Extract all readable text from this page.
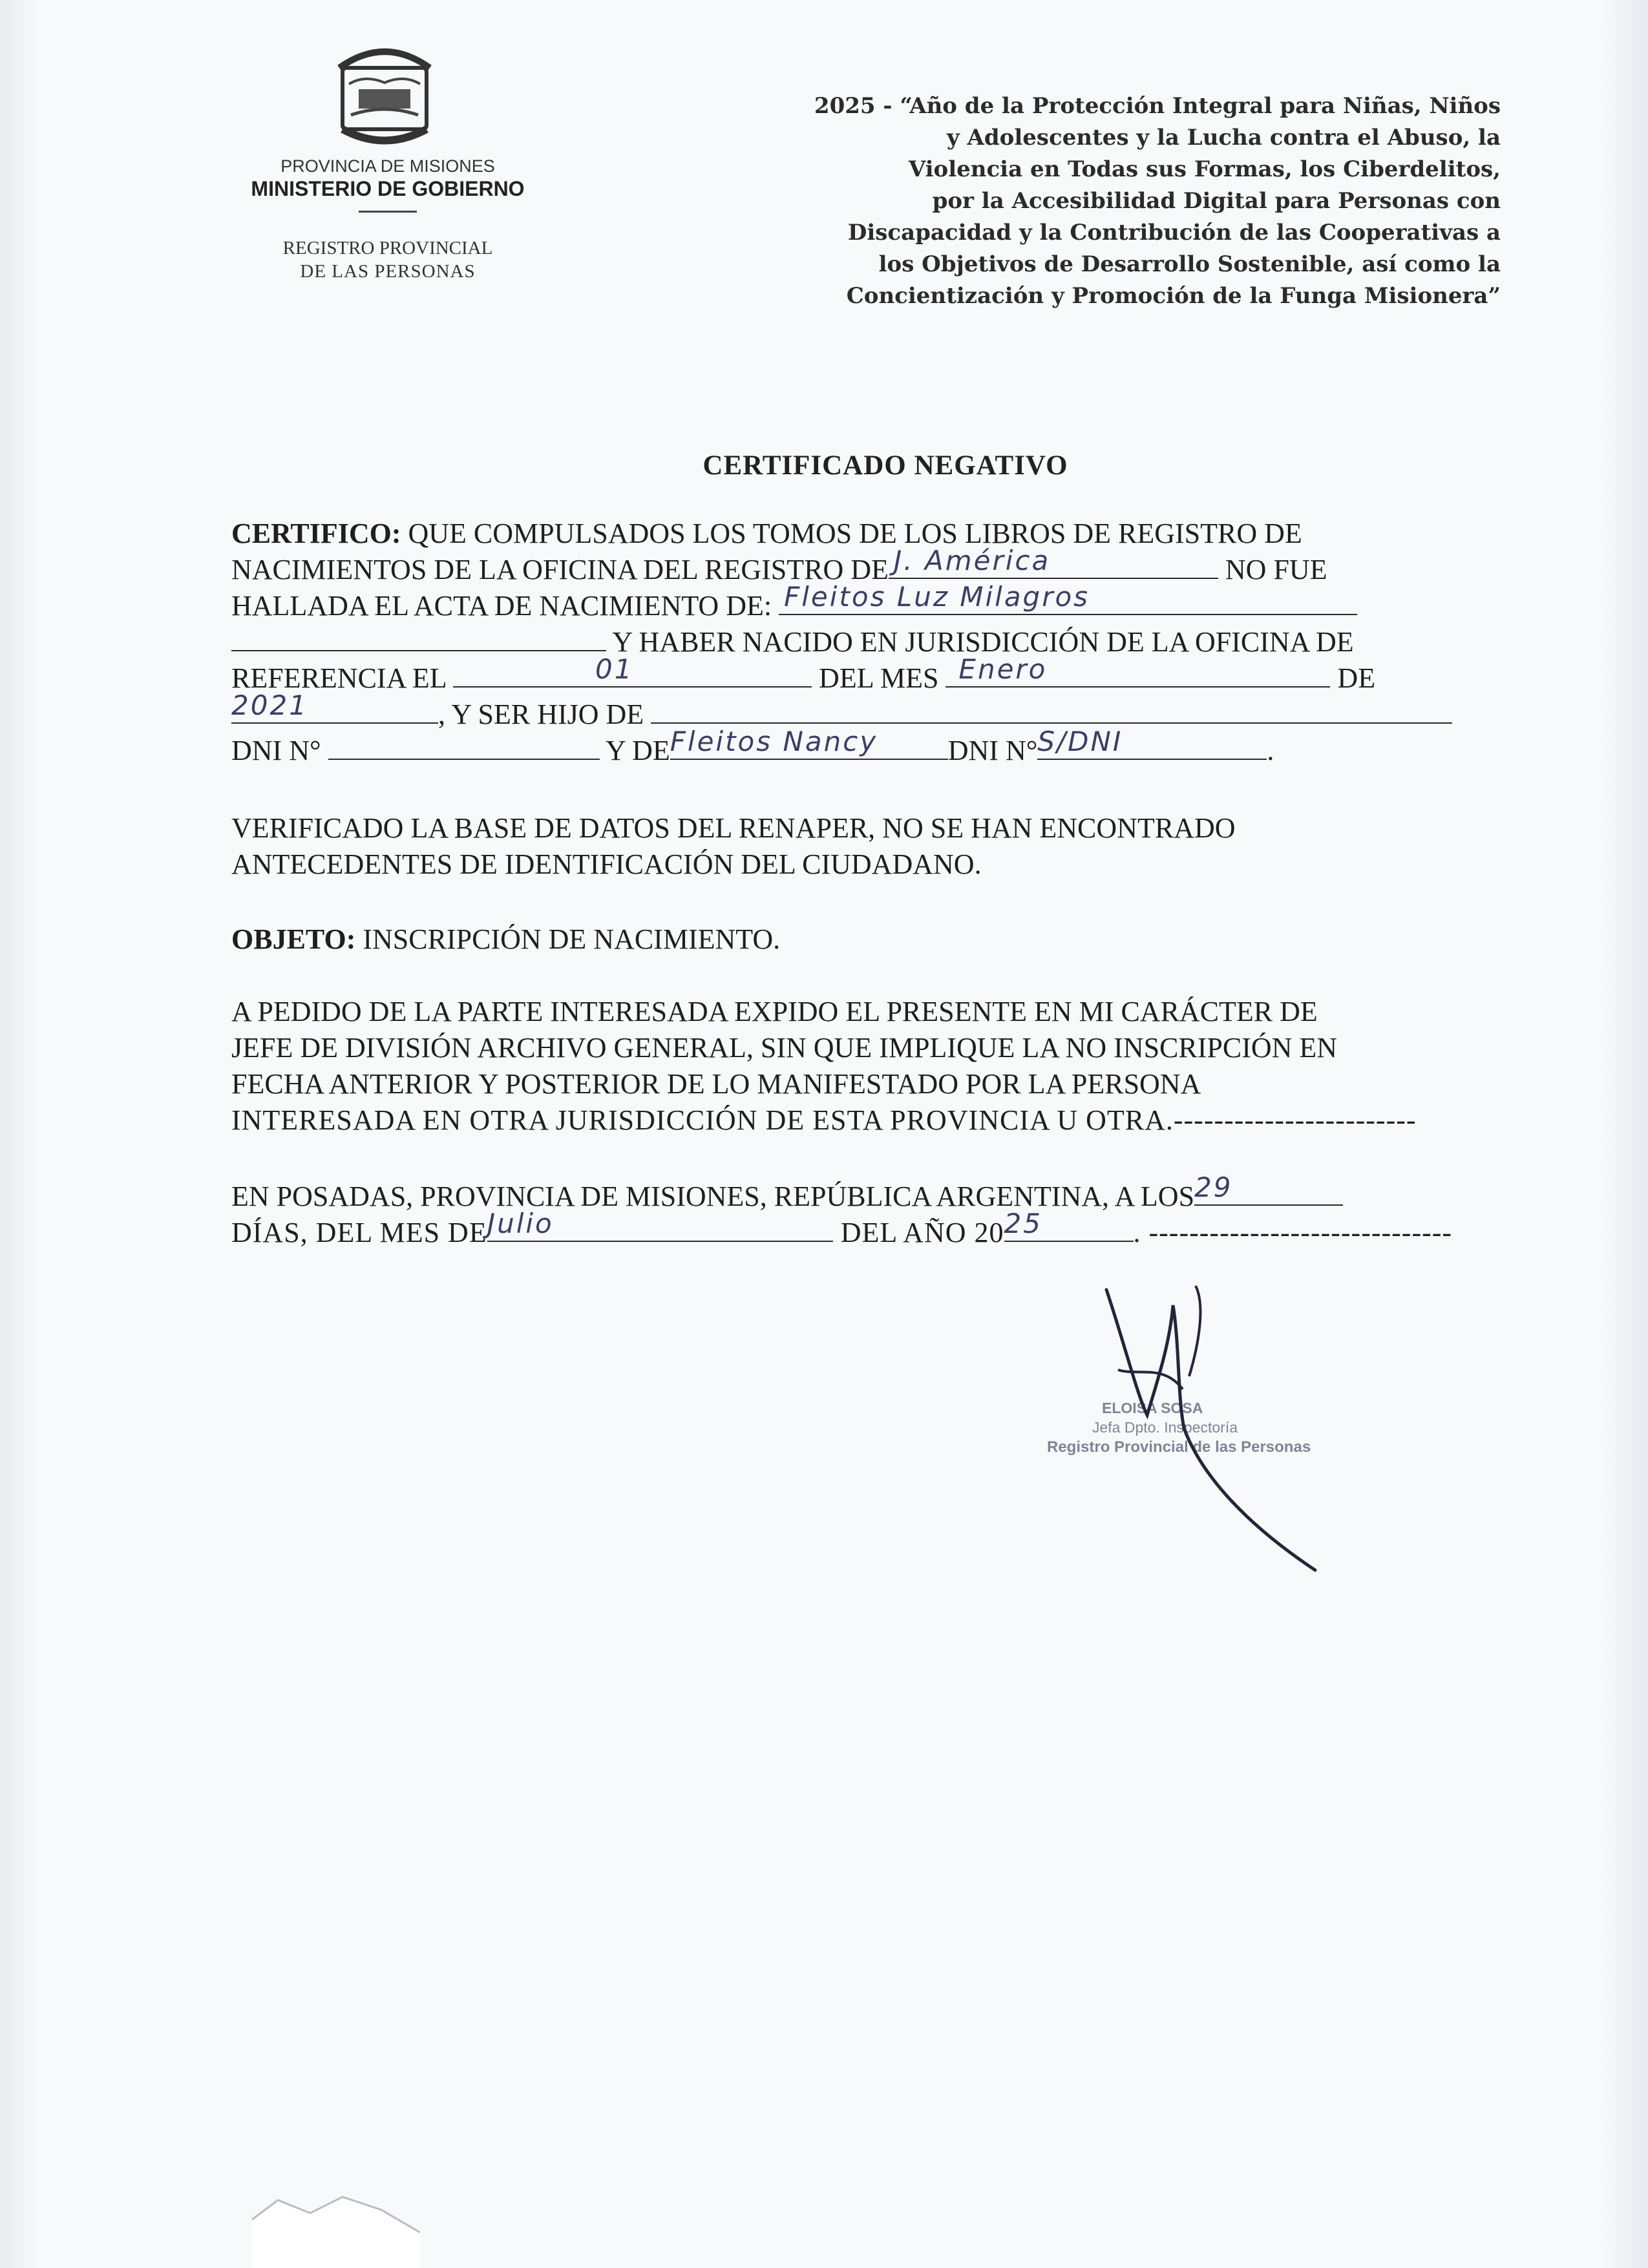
PROVINCIA DE MISIONES
MINISTERIO DE GOBIERNO
REGISTRO PROVINCIAL
DE LAS PERSONAS
2025 - “Año de la Protección Integral para Niñas, Niños
y Adolescentes y la Lucha contra el Abuso, la
Violencia en Todas sus Formas, los Ciberdelitos,
por la Accesibilidad Digital para Personas con
Discapacidad y la Contribución de las Cooperativas a
los Objetivos de Desarrollo Sostenible, así como la
Concientización y Promoción de la Funga Misionera”
CERTIFICADO NEGATIVO
CERTIFICO: QUE COMPULSADOS LOS TOMOS DE LOS LIBROS DE REGISTRO DE
NACIMIENTOS DE LA OFICINA DEL REGISTRO DE J. América	NO FUE
HALLADA EL ACTA DE NACIMIENTO DE: Fleitos Luz Milagros
Y HABER NACIDO EN JURISDICCIÓN DE LA OFICINA DE
REFERENCIA EL	01	DEL MES Enero	DE
2021	, Y SER HIJO DE
DNI N°	Y DE Fleitos Nancy DNI N° S/DNI	.
VERIFICADO LA BASE DE DATOS DEL RENAPER, NO SE HAN ENCONTRADO
ANTECEDENTES DE IDENTIFICACIÓN DEL CIUDADANO.
OBJETO: INSCRIPCIÓN DE NACIMIENTO.
A PEDIDO DE LA PARTE INTERESADA EXPIDO EL PRESENTE EN MI CARÁCTER DE
JEFE DE DIVISIÓN ARCHIVO GENERAL, SIN QUE IMPLIQUE LA NO INSCRIPCIÓN EN
FECHA ANTERIOR Y POSTERIOR DE LO MANIFESTADO POR LA PERSONA
INTERESADA EN OTRA JURISDICCIÓN DE ESTA PROVINCIA U OTRA.------------------------
EN POSADAS, PROVINCIA DE MISIONES, REPÚBLICA ARGENTINA, A LOS 29
DÍAS, DEL MES DE Julio	DEL AÑO 20 25	. ------------------------------
ELOISA SOSA
Jefa Dpto. Inspectoría
Registro Provincial de las Personas
